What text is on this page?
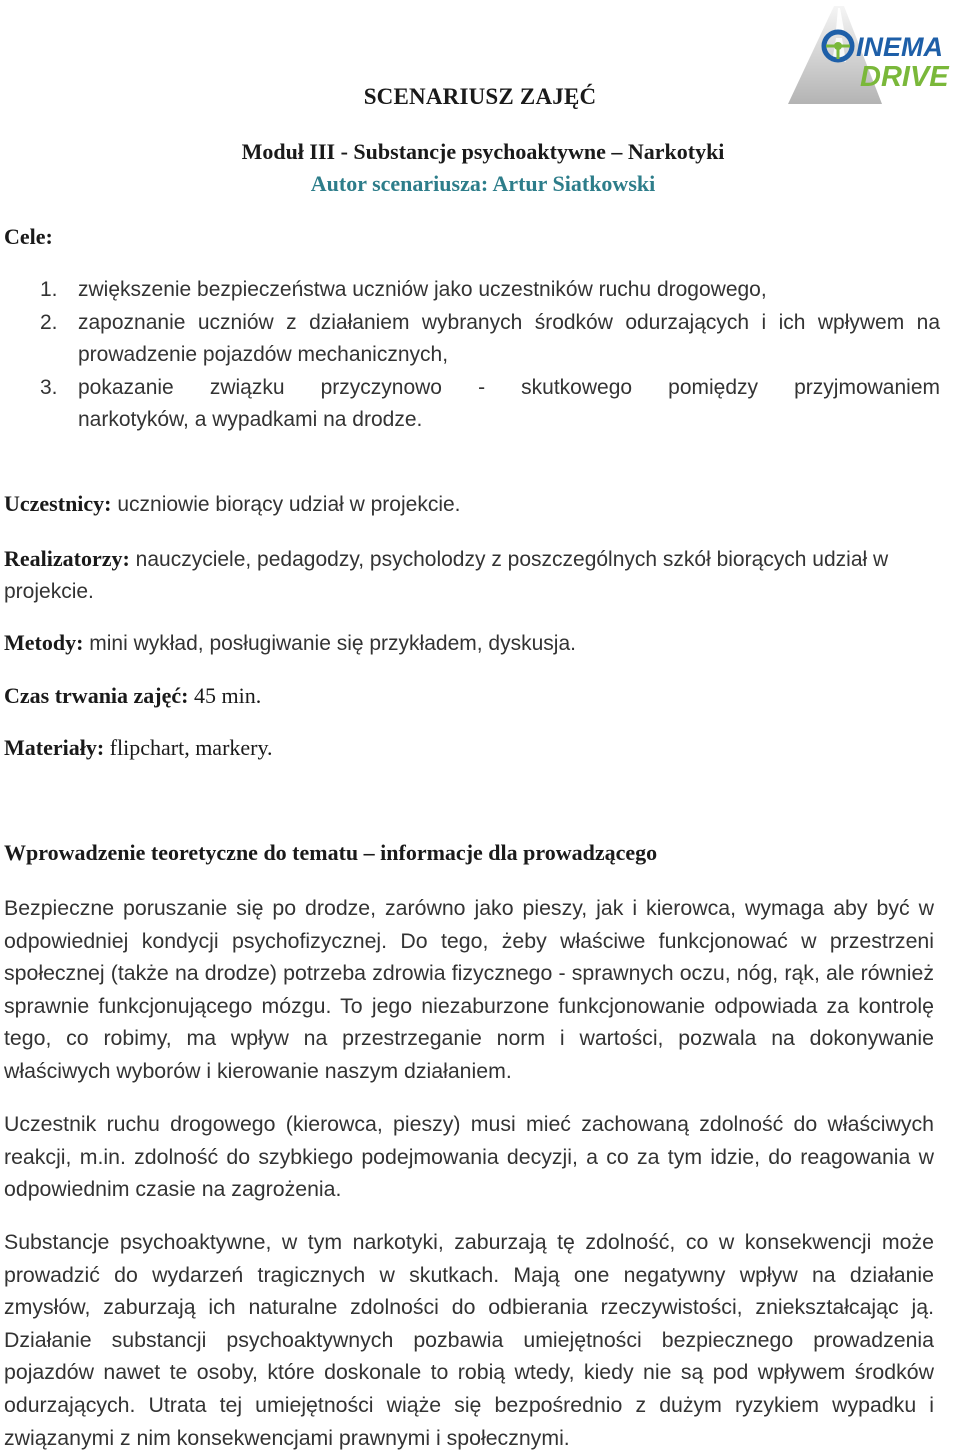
INEMA
DRIVE
SCENARIUSZ ZAJĘĆ
Moduł III - Substancje psychoaktywne – Narkotyki
Autor scenariusza: Artur Siatkowski
Cele:
1. zwiększenie bezpieczeństwa uczniów jako uczestników ruchu drogowego,
2. zapoznanie uczniów z działaniem wybranych środków odurzających i ich wpływem na prowadzenie pojazdów mechanicznych,
3. pokazanie związku przyczynowo - skutkowego pomiędzy przyjmowaniem
narkotyków, a wypadkami na drodze.
Uczestnicy: uczniowie biorący udział w projekcie.
Realizatorzy: nauczyciele, pedagodzy, psycholodzy z poszczególnych szkół biorących udział w projekcie.
Metody: mini wykład, posługiwanie się przykładem, dyskusja.
Czas trwania zajęć: 45 min.
Materiały: flipchart, markery.
Wprowadzenie teoretyczne do tematu – informacje dla prowadzącego

Bezpieczne poruszanie się po drodze, zarówno jako pieszy, jak i kierowca, wymaga aby być w odpowiedniej kondycji psychofizycznej. Do tego, żeby właściwe funkcjonować w przestrzeni społecznej (także na drodze) potrzeba zdrowia fizycznego - sprawnych oczu, nóg, rąk, ale również sprawnie funkcjonującego mózgu. To jego niezaburzone funkcjonowanie odpowiada za kontrolę tego, co robimy, ma wpływ na przestrzeganie norm i wartości, pozwala na dokonywanie właściwych wyborów i kierowanie naszym działaniem.

Uczestnik ruchu drogowego (kierowca, pieszy) musi mieć zachowaną zdolność do właściwych reakcji, m.in. zdolność do szybkiego podejmowania decyzji, a co za tym idzie, do reagowania w odpowiednim czasie na zagrożenia.

Substancje psychoaktywne, w tym narkotyki, zaburzają tę zdolność, co w konsekwencji może prowadzić do wydarzeń tragicznych w skutkach. Mają one negatywny wpływ na działanie zmysłów, zaburzają ich naturalne zdolności do odbierania rzeczywistości, zniekształcając ją. Działanie substancji psychoaktywnych pozbawia umiejętności bezpiecznego prowadzenia pojazdów nawet te osoby, które doskonale to robią wtedy, kiedy nie są pod wpływem środków odurzających. Utrata tej umiejętności wiąże się bezpośrednio z dużym ryzykiem wypadku i związanymi z nim konsekwencjami prawnymi i społecznymi.
